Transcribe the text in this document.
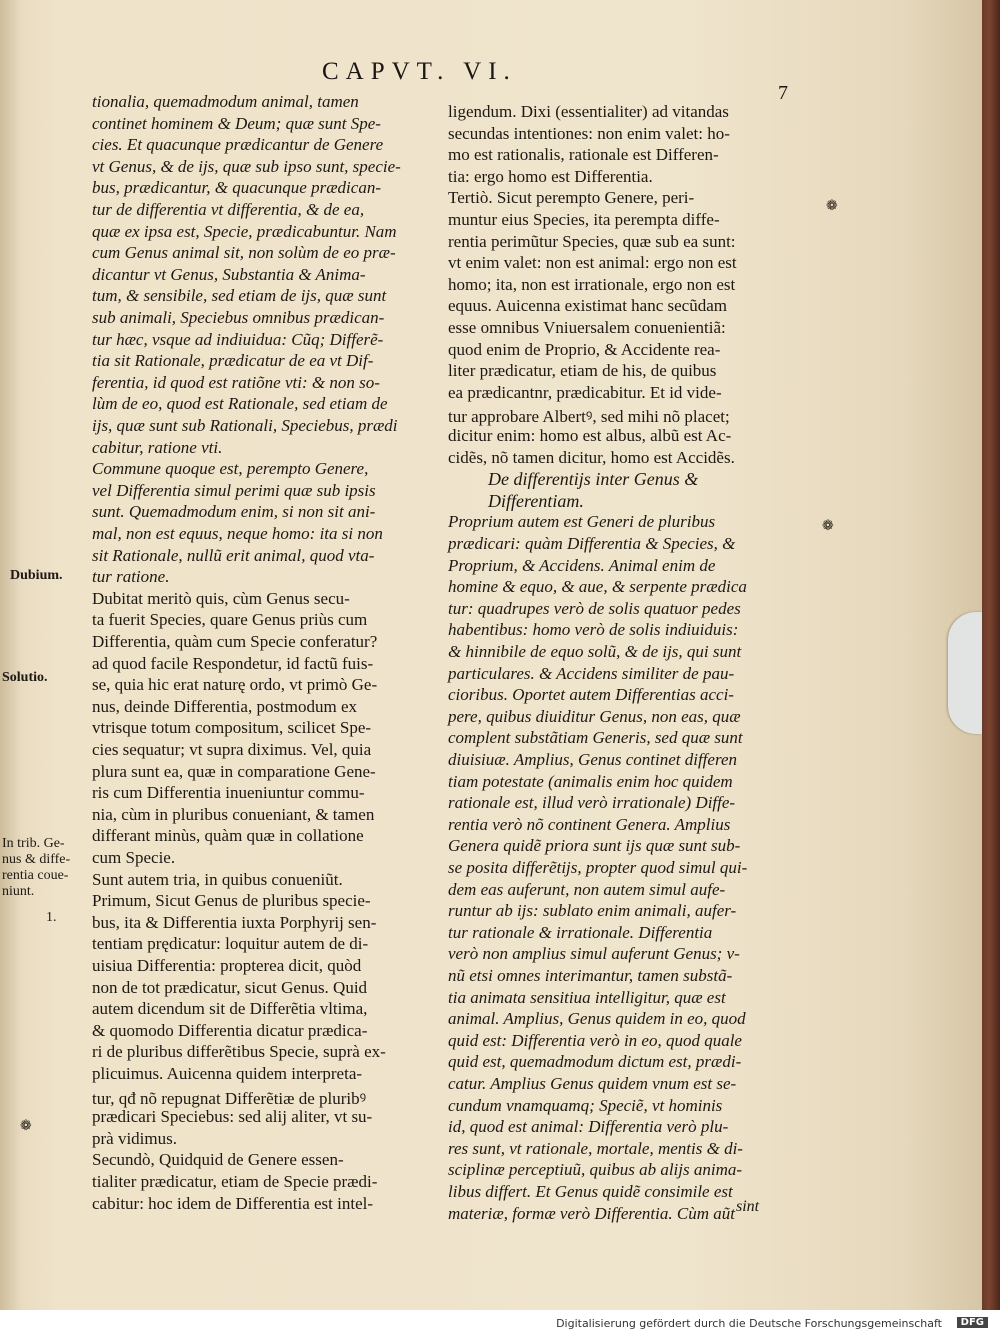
CAPVT. VI.
7
tionalia, quemadmodum animal, tamen
continet hominem & Deum; quæ sunt Spe-
cies. Et quacunque prædicantur de Genere
vt Genus, & de ijs, quæ sub ipso sunt, specie-
bus, prædicantur, & quacunque prædican-
tur de differentia vt differentia, & de ea,
quæ ex ipsa est, Specie, prædicabuntur. Nam
cum Genus animal sit, non solùm de eo præ-
dicantur vt Genus, Substantia & Anima-
tum, & sensibile, sed etiam de ijs, quæ sunt
sub animali, Speciebus omnibus prædican-
tur hæc, vsque ad indiuidua: Cũq; Differẽ-
tia sit Rationale, prædicatur de ea vt Dif-
ferentia, id quod est ratiõne vti: & non so-
lùm de eo, quod est Rationale, sed etiam de
ijs, quæ sunt sub Rationali, Speciebus, prædi
cabitur, ratione vti.
Commune quoque est, perempto Genere,
vel Differentia simul perimi quæ sub ipsis
sunt. Quemadmodum enim, si non sit ani-
mal, non est equus, neque homo: ita si non
sit Rationale, nullũ erit animal, quod vta-
tur ratione.
Dubitat meritò quis, cùm Genus secu-
ta fuerit Species, quare Genus priùs cum
Differentia, quàm cum Specie conferatur?
ad quod facile Respondetur, id factũ fuis-
se, quia hic erat naturę ordo, vt primò Ge-
nus, deinde Differentia, postmodum ex
vtrisque totum compositum, scilicet Spe-
cies sequatur; vt supra diximus. Vel, quia
plura sunt ea, quæ in comparatione Gene-
ris cum Differentia inueniuntur commu-
nia, cùm in pluribus conueniant, & tamen
differant minùs, quàm quæ in collatione
cum Specie.
Sunt autem tria, in quibus conueniũt.
Primum, Sicut Genus de pluribus specie-
bus, ita & Differentia iuxta Porphyrij sen-
tentiam prędicatur: loquitur autem de di-
uisiua Differentia: propterea dicit, quòd
non de tot prædicatur, sicut Genus. Quid
autem dicendum sit de Differẽtia vltima,
& quomodo Differentia dicatur prædica-
ri de pluribus differẽtibus Specie, suprà ex-
plicuimus. Auicenna quidem interpreta-
tur, qđ nõ repugnat Differẽtiæ de pluribꝰ
prædicari Speciebus: sed alij aliter, vt su-
prà vidimus.
Secundò, Quidquid de Genere essen-
tialiter prædicatur, etiam de Specie prædi-
cabitur: hoc idem de Differentia est intel-
ligendum. Dixi (essentialiter) ad vitandas
secundas intentiones: non enim valet: ho-
mo est rationalis, rationale est Differen-
tia: ergo homo est Differentia.
Tertiò. Sicut perempto Genere, peri-
muntur eius Species, ita perempta diffe-
rentia perimũtur Species, quæ sub ea sunt:
vt enim valet: non est animal: ergo non est
homo; ita, non est irrationale, ergo non est
equus. Auicenna existimat hanc secũdam
esse omnibus Vniuersalem conuenientiã:
quod enim de Proprio, & Accidente rea-
liter prædicatur, etiam de his, de quibus
ea prædicantnr, prædicabitur. Et id vide-
tur approbare Albertꝰ, sed mihi nõ placet;
dicitur enim: homo est albus, albũ est Ac-
cidẽs, nõ tamen dicitur, homo est Accidẽs.
De differentijs inter Genus &
Differentiam.
Proprium autem est Generi de pluribus
prædicari: quàm Differentia & Species, &
Proprium, & Accidens. Animal enim de
homine & equo, & aue, & serpente prædica
tur: quadrupes verò de solis quatuor pedes
habentibus: homo verò de solis indiuiduis:
& hinnibile de equo solũ, & de ijs, qui sunt
particulares. & Accidens similiter de pau-
cioribus. Oportet autem Differentias acci-
pere, quibus diuiditur Genus, non eas, quæ
complent substãtiam Generis, sed quæ sunt
diuisiuæ. Amplius, Genus continet differen
tiam potestate (animalis enim hoc quidem
rationale est, illud verò irrationale) Diffe-
rentia verò nõ continent Genera. Amplius
Genera quidẽ priora sunt ijs quæ sunt sub-
se posita differẽtijs, propter quod simul qui-
dem eas auferunt, non autem simul aufe-
runtur ab ijs: sublato enim animali, aufer-
tur rationale & irrationale. Differentia
verò non amplius simul auferunt Genus; v-
nũ etsi omnes interimantur, tamen substã-
tia animata sensitiua intelligitur, quæ est
animal. Amplius, Genus quidem in eo, quod
quid est: Differentia verò in eo, quod quale
quid est, quemadmodum dictum est, prædi-
catur. Amplius Genus quidem vnum est se-
cundum vnamquamq; Speciẽ, vt hominis
id, quod est animal: Differentia verò plu-
res sunt, vt rationale, mortale, mentis & di-
sciplinæ perceptiuũ, quibus ab alijs anima-
libus differt. Et Genus quidẽ consimile est
materiæ, formæ verò Differentia. Cùm aũt
Dubium.
Solutio.
In trib. Ge-
nus & diffe-
rentia coue-
niunt.
1.
❁
❁
❁
sint
Digitalisierung gefördert durch die Deutsche Forschungsgemeinschaft	DFG
